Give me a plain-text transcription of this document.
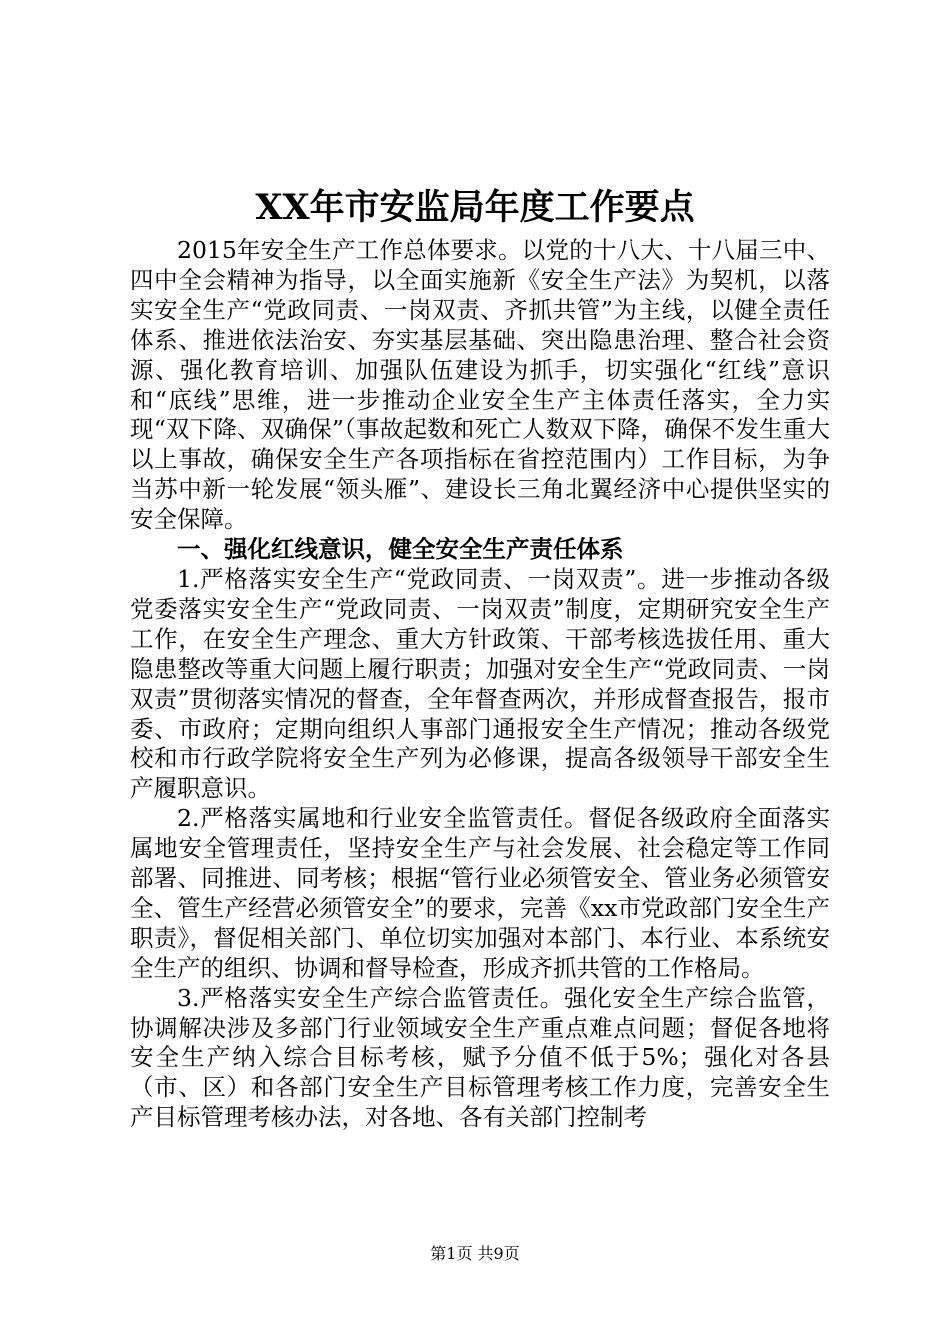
XX年市安监局年度工作要点

2015年安全生产工作总体要求。以党的十八大、十八届三中、四中全会精神为指导，以全面实施新《安全生产法》为契机，以落实安全生产“党政同责、一岗双责、齐抓共管”为主线，以健全责任体系、推进依法治安、夯实基层基础、突出隐患治理、整合社会资源、强化教育培训、加强队伍建设为抓手，切实强化“红线”意识和“底线”思维，进一步推动企业安全生产主体责任落实，全力实现“双下降、双确保”（事故起数和死亡人数双下降，确保不发生重大以上事故，确保安全生产各项指标在省控范围内）工作目标，为争当苏中新一轮发展“领头雁”、建设长三角北翼经济中心提供坚实的安全保障。

一、强化红线意识，健全安全生产责任体系

1.严格落实安全生产“党政同责、一岗双责”。进一步推动各级党委落实安全生产“党政同责、一岗双责”制度，定期研究安全生产工作，在安全生产理念、重大方针政策、干部考核选拔任用、重大隐患整改等重大问题上履行职责；加强对安全生产“党政同责、一岗双责”贯彻落实情况的督查，全年督查两次，并形成督查报告，报市委、市政府；定期向组织人事部门通报安全生产情况；推动各级党校和市行政学院将安全生产列为必修课，提高各级领导干部安全生产履职意识。

2.严格落实属地和行业安全监管责任。督促各级政府全面落实属地安全管理责任，坚持安全生产与社会发展、社会稳定等工作同部署、同推进、同考核；根据“管行业必须管安全、管业务必须管安全、管生产经营必须管安全”的要求，完善《xx市党政部门安全生产职责》，督促相关部门、单位切实加强对本部门、本行业、本系统安全生产的组织、协调和督导检查，形成齐抓共管的工作格局。

3.严格落实安全生产综合监管责任。强化安全生产综合监管，协调解决涉及多部门行业领域安全生产重点难点问题；督促各地将安全生产纳入综合目标考核，赋予分值不低于5%；强化对各县（市、区）和各部门安全生产目标管理考核工作力度，完善安全生产目标管理考核办法，对各地、各有关部门控制考

第1页 共9页
